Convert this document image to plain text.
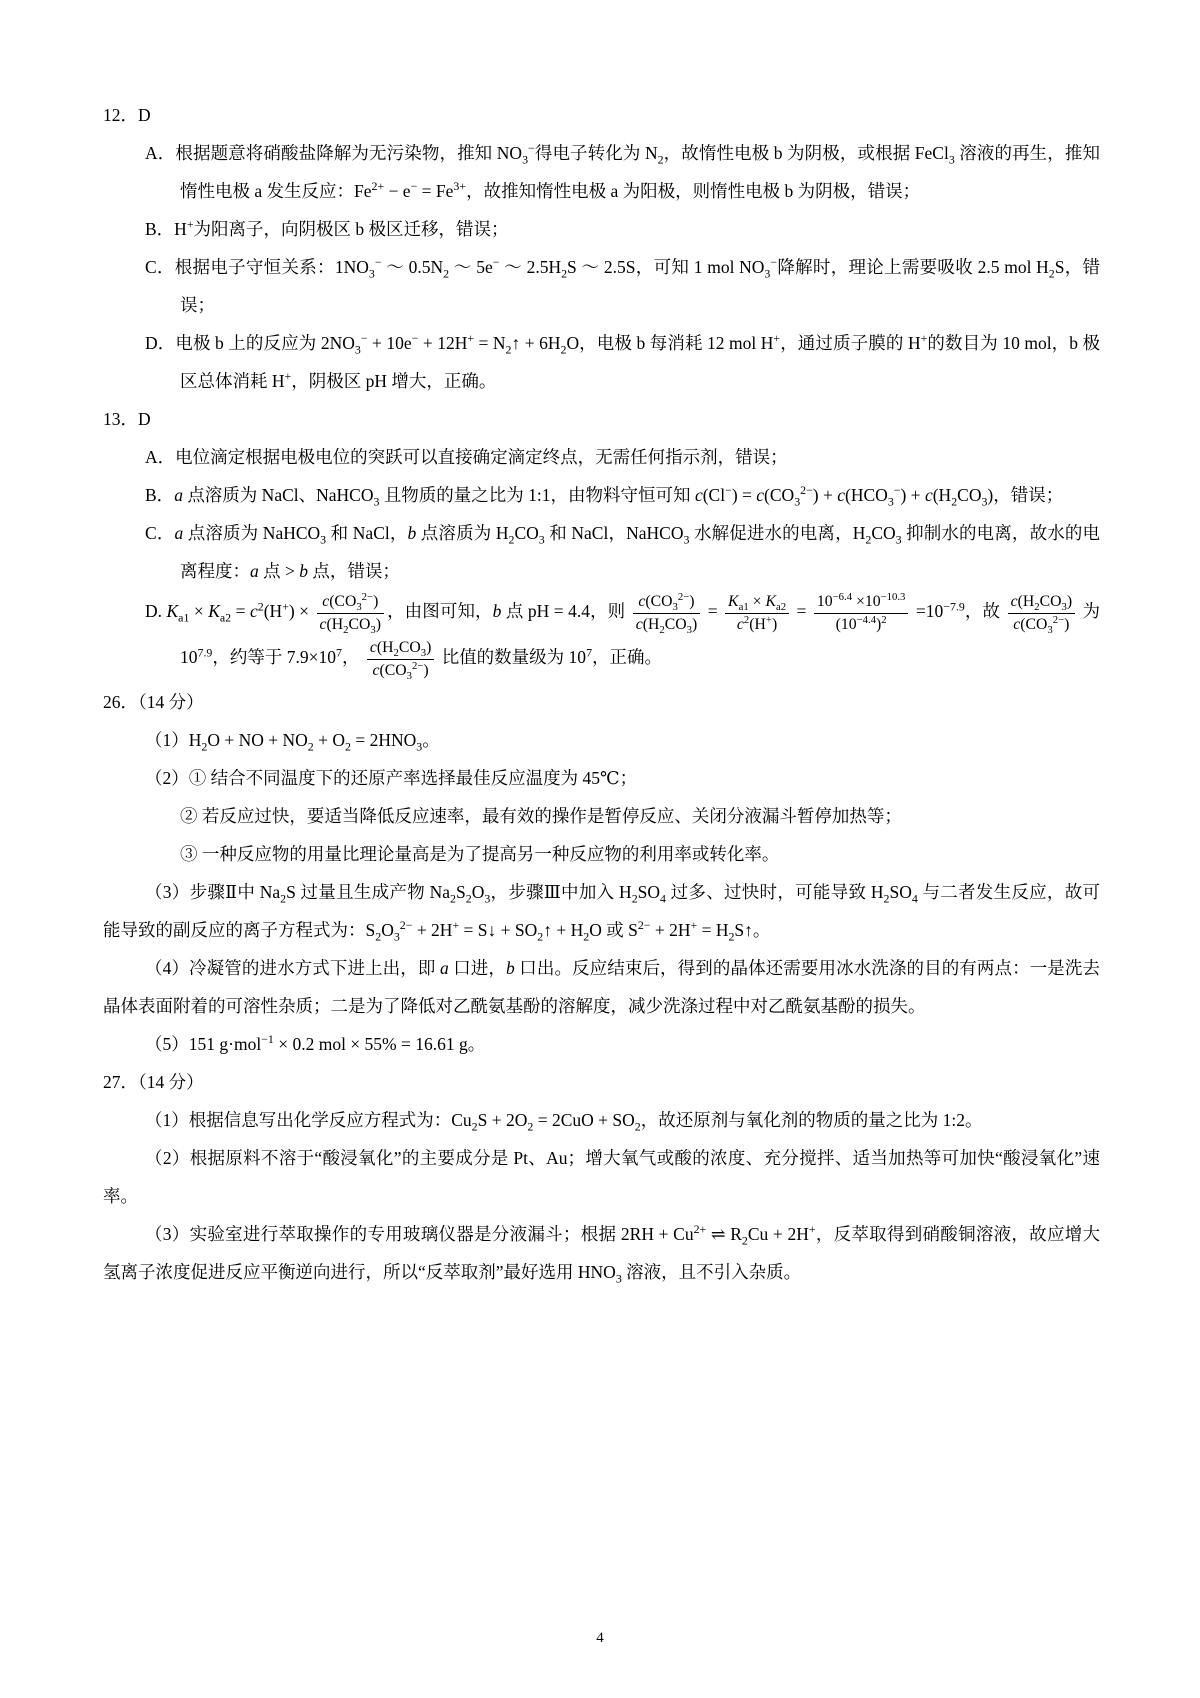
12．D
A．根据题意将硝酸盐降解为无污染物，推知 $NO_3^-$得电子转化为 $N_2$，故惰性电极 b 为阴极，或根据 FeCl$_3$ 溶液的再生，推知惰性电极 a 发生反应：$Fe^{2+} - e^- = Fe^{3+}$，故推知惰性电极 a 为阳极，则惰性电极 b 为阴极，错误；
B．H+为阳离子，向阴极区 b 极区迁移，错误；
C．根据电子守恒关系：$1NO_3^-$ ～ $0.5N_2$ ～ 5e− ～ $2.5H_2S$ ～ 2.5S，可知 1 mol $NO_3^-$降解时，理论上需要吸收 2.5 mol $H_2S$，错误；
D．电极 b 上的反应为 $2NO_3^- + 10e^- + 12H^+$ = $N_2↑ + 6H_2O$，电极 b 每消耗 12 mol H+，通过质子膜的 H+的数目为 10 mol，b 极区总体消耗 H+，阴极区 pH 增大，正确。
13．D
A．电位滴定根据电极电位的突跃可以直接确定滴定终点，无需任何指示剂，错误；
B．a 点溶质为 NaCl、NaHCO$_3$ 且物质的量之比为 1:1，由物料守恒可知 $c(Cl^-) = c(CO_3^{2-}) + c(HCO_3^-) + c(H_2CO_3)$，错误；
C．a 点溶质为 NaHCO$_3$ 和 NaCl，b 点溶质为 $H_2CO_3$ 和 NaCl，NaHCO$_3$ 水解促进水的电离，$H_2CO_3$ 抑制水的电离，故水的电离程度：a 点 > b 点，错误；
D. $K_{a1} \times K_{a2} = c^2(H^+) \times \frac{c(CO_3^{2-})}{c(H_2CO_3)}$ ，由图可知，b 点 pH = 4.4，则 $\frac{c(CO_3^{2-})}{c(H_2CO_3)} = \frac{K_{a1} \times K_{a2}}{c^2(H^+)} = \frac{10^{-6.4} \times 10^{-10.3}}{(10^{-4.4})^2} =10^{-7.9}$，故 $\frac{c(H_2CO_3)}{c(CO_3^{2-})}$ 为 $10^{7.9}$，约等于 $7.9\times 10^7$， $\frac{c(H_2CO_3)}{c(CO_3^{2-})}$ 比值的数量级为 $10^7$，正确。
26．（14 分）
$(1)H_2O$ + NO + $NO_2 + O_2 = 2HNO_3$。
（2）① 结合不同温度下的还原产率选择最佳反应温度为 45℃；
② 若反应过快，要适当降低反应速率，最有效的操作是暂停反应、关闭分液漏斗暂停加热等；
③ 一种反应物的用量比理论量高是为了提高另一种反应物的利用率或转化率。
（3）步骤Ⅱ中 $Na_2S$ 过量且生成产物 $Na_2S_2O_3$，步骤Ⅲ中加入 $H_2SO_4$ 过多、过快时，可能导致 $H_2SO_4$ 与二者发生反应，故可能导致的副反应的离子方程式为：$S_2O_3^{2-} + 2H^+$ = S↓ + $SO_2↑ + H_2O$ 或 $S^{2-} + 2H^+$ = $H_2S↑$。
（4）冷凝管的进水方式下进上出，即 a 口进，b 口出。反应结束后，得到的晶体还需要用冰水洗涤的目的有两点：一是洗去晶体表面附着的可溶性杂质；二是为了降低对乙酰氨基酚的溶解度，减少洗涤过程中对乙酰氨基酚的损失。
（5）151 g·mol$^{-1}$ × 0.2 mol × 55% = 16.61 g。
27．（14 分）
（1）根据信息写出化学反应方程式为：$Cu_2S + 2O_2 = 2CuO + SO_2$，故还原剂与氧化剂的物质的量之比为 1:2。
（2）根据原料不溶于“酸浸氧化”的主要成分是 Pt、Au；增大氧气或酸的浓度、充分搅拌、适当加热等可加快“酸浸氧化”速率。
（3）实验室进行萃取操作的专用玻璃仪器是分液漏斗；根据 $2RH + Cu^{2+}$ ⇌ $R_2Cu + 2H^+$，反萃取得到硝酸铜溶液，故应增大氢离子浓度促进反应平衡逆向进行，所以“反萃取剂”最好选用 $HNO_3$ 溶液，且不引入杂质。
4
